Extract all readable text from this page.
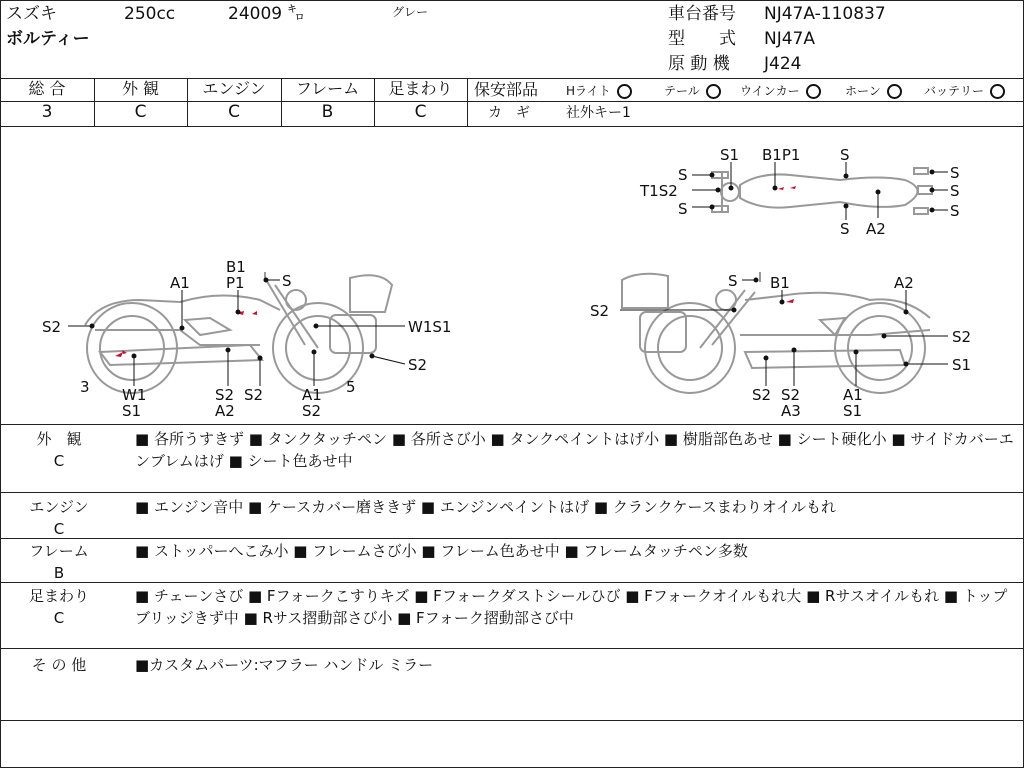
スズキ	250cc	24009 ㌔	グレー
ボルティー
車台番号 NJ47A-110837
型　　式 NJ47A
原 動 機 J424
総 合
3
外 観
C
エンジン
C
フレーム
B
足まわり
C
保安部品 Hライト	テール	ウインカー	ホーン	バッテリー
カ　ギ	社外キー1
S1 B1P1	S
S
T1S2
S
S A2
S
S
S
B1
P1 S
A1
S2	W1S1
S2
3 W1
S1
S2 S2
A2
A1 5
S2
S B1	A2
S2
S2
S1
S2 S2
A3
A1
S1
外　観
C
■ 各所うすきず ■ タンクタッチペン ■ 各所さび小 ■ タンクペイントはげ小 ■ 樹脂部色あせ ■ シート硬化小 ■ サイドカバーエンブレムはげ ■ シート色あせ中
エンジン
C
■ エンジン音中 ■ ケースカバー磨ききず ■ エンジンペイントはげ ■ クランクケースまわりオイルもれ
フレーム
B
■ ストッパーへこみ小 ■ フレームさび小 ■ フレーム色あせ中 ■ フレームタッチペン多数
足まわり
C
■ チェーンさび ■ Fフォークこすりキズ ■ Fフォークダストシールひび ■ Fフォークオイルもれ大 ■ Rサスオイルもれ ■ トップブリッジきず中 ■ Rサス摺動部さび小 ■ Fフォーク摺動部さび中
そ の 他	■カスタムパーツ:マフラー ハンドル ミラー
